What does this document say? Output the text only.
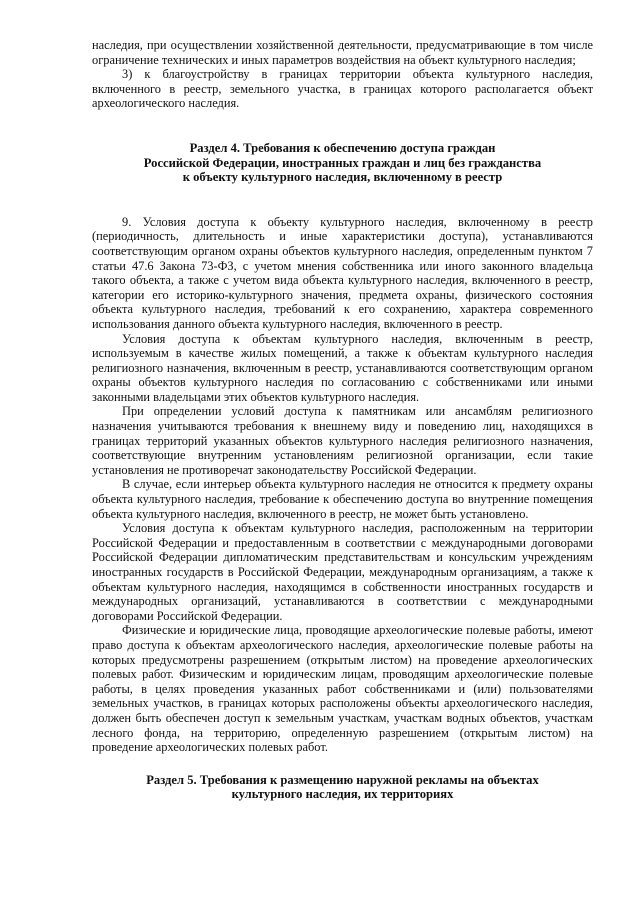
наследия, при осуществлении хозяйственной деятельности, предусматривающие в том числе ограничение технических и иных параметров воздействия на объект культурного наследия;

3) к благоустройству в границах территории объекта культурного наследия, включенного в реестр, земельного участка, в границах которого располагается объект археологического наследия.

Раздел 4. Требования к обеспечению доступа граждан
Российской Федерации, иностранных граждан и лиц без гражданства
к объекту культурного наследия, включенному в реестр

9. Условия доступа к объекту культурного наследия, включенному в реестр (периодичность, длительность и иные характеристики доступа), устанавливаются соответствующим органом охраны объектов культурного наследия, определенным пунктом 7 статьи 47.6 Закона 73-ФЗ, с учетом мнения собственника или иного законного владельца такого объекта, а также с учетом вида объекта культурного наследия, включенного в реестр, категории его историко-культурного значения, предмета охраны, физического состояния объекта культурного наследия, требований к его сохранению, характера современного использования данного объекта культурного наследия, включенного в реестр.

Условия доступа к объектам культурного наследия, включенным в реестр, используемым в качестве жилых помещений, а также к объектам культурного наследия религиозного назначения, включенным в реестр, устанавливаются соответствующим органом охраны объектов культурного наследия по согласованию с собственниками или иными законными владельцами этих объектов культурного наследия.

При определении условий доступа к памятникам или ансамблям религиозного назначения учитываются требования к внешнему виду и поведению лиц, находящихся в границах территорий указанных объектов культурного наследия религиозного назначения, соответствующие внутренним установлениям религиозной организации, если такие установления не противоречат законодательству Российской Федерации.

В случае, если интерьер объекта культурного наследия не относится к предмету охраны объекта культурного наследия, требование к обеспечению доступа во внутренние помещения объекта культурного наследия, включенного в реестр, не может быть установлено.

Условия доступа к объектам культурного наследия, расположенным на территории Российской Федерации и предоставленным в соответствии с международными договорами Российской Федерации дипломатическим представительствам и консульским учреждениям иностранных государств в Российской Федерации, международным организациям, а также к объектам культурного наследия, находящимся в собственности иностранных государств и международных организаций, устанавливаются в соответствии с международными договорами Российской Федерации.

Физические и юридические лица, проводящие археологические полевые работы, имеют право доступа к объектам археологического наследия, археологические полевые работы на которых предусмотрены разрешением (открытым листом) на проведение археологических полевых работ. Физическим и юридическим лицам, проводящим археологические полевые работы, в целях проведения указанных работ собственниками и (или) пользователями земельных участков, в границах которых расположены объекты археологического наследия, должен быть обеспечен доступ к земельным участкам, участкам водных объектов, участкам лесного фонда, на территорию, определенную разрешением (открытым листом) на проведение археологических полевых работ.

Раздел 5. Требования к размещению наружной рекламы на объектах
культурного наследия, их территориях
